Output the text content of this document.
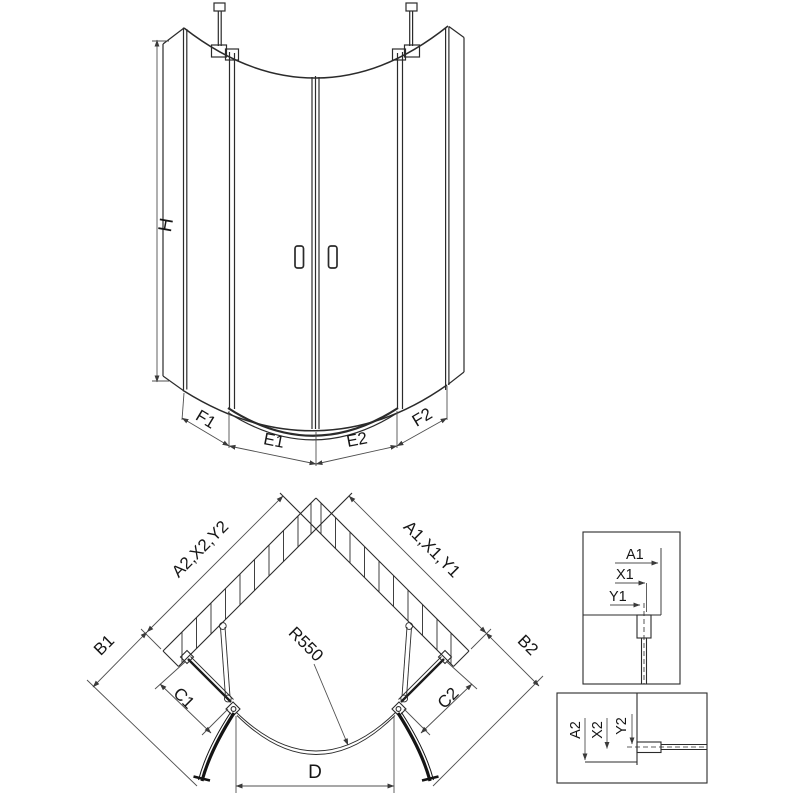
H
F1
E1	E2
F2
A2,X2,Y2	A1,X1,Y1
B1	B2
C1	C2
R550
D
A1
X1
Y1
A2 X2 Y2
